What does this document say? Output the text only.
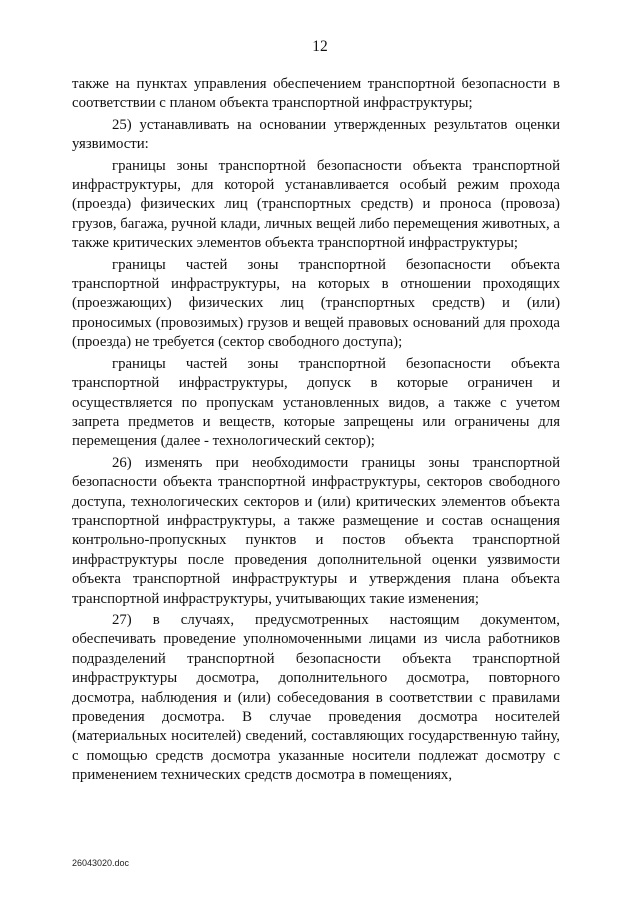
12

также на пунктах управления обеспечением транспортной безопасности в соответствии с планом объекта транспортной инфраструктуры;

25) устанавливать на основании утвержденных результатов оценки уязвимости:

границы зоны транспортной безопасности объекта транспортной инфраструктуры, для которой устанавливается особый режим прохода (проезда) физических лиц (транспортных средств) и проноса (провоза) грузов, багажа, ручной клади, личных вещей либо перемещения животных, а также критических элементов объекта транспортной инфраструктуры;

границы частей зоны транспортной безопасности объекта транспортной инфраструктуры, на которых в отношении проходящих (проезжающих) физических лиц (транспортных средств) и (или) проносимых (провозимых) грузов и вещей правовых оснований для прохода (проезда) не требуется (сектор свободного доступа);

границы частей зоны транспортной безопасности объекта транспортной инфраструктуры, допуск в которые ограничен и осуществляется по пропускам установленных видов, а также с учетом запрета предметов и веществ, которые запрещены или ограничены для перемещения (далее - технологический сектор);

26) изменять при необходимости границы зоны транспортной безопасности объекта транспортной инфраструктуры, секторов свободного доступа, технологических секторов и (или) критических элементов объекта транспортной инфраструктуры, а также размещение и состав оснащения контрольно-пропускных пунктов и постов объекта транспортной инфраструктуры после проведения дополнительной оценки уязвимости объекта транспортной инфраструктуры и утверждения плана объекта транспортной инфраструктуры, учитывающих такие изменения;

27) в случаях, предусмотренных настоящим документом, обеспечивать проведение уполномоченными лицами из числа работников подразделений транспортной безопасности объекта транспортной инфраструктуры досмотра, дополнительного досмотра, повторного досмотра, наблюдения и (или) собеседования в соответствии с правилами проведения досмотра. В случае проведения досмотра носителей (материальных носителей) сведений, составляющих государственную тайну, с помощью средств досмотра указанные носители подлежат досмотру с применением технических средств досмотра в помещениях,

26043020.doc
